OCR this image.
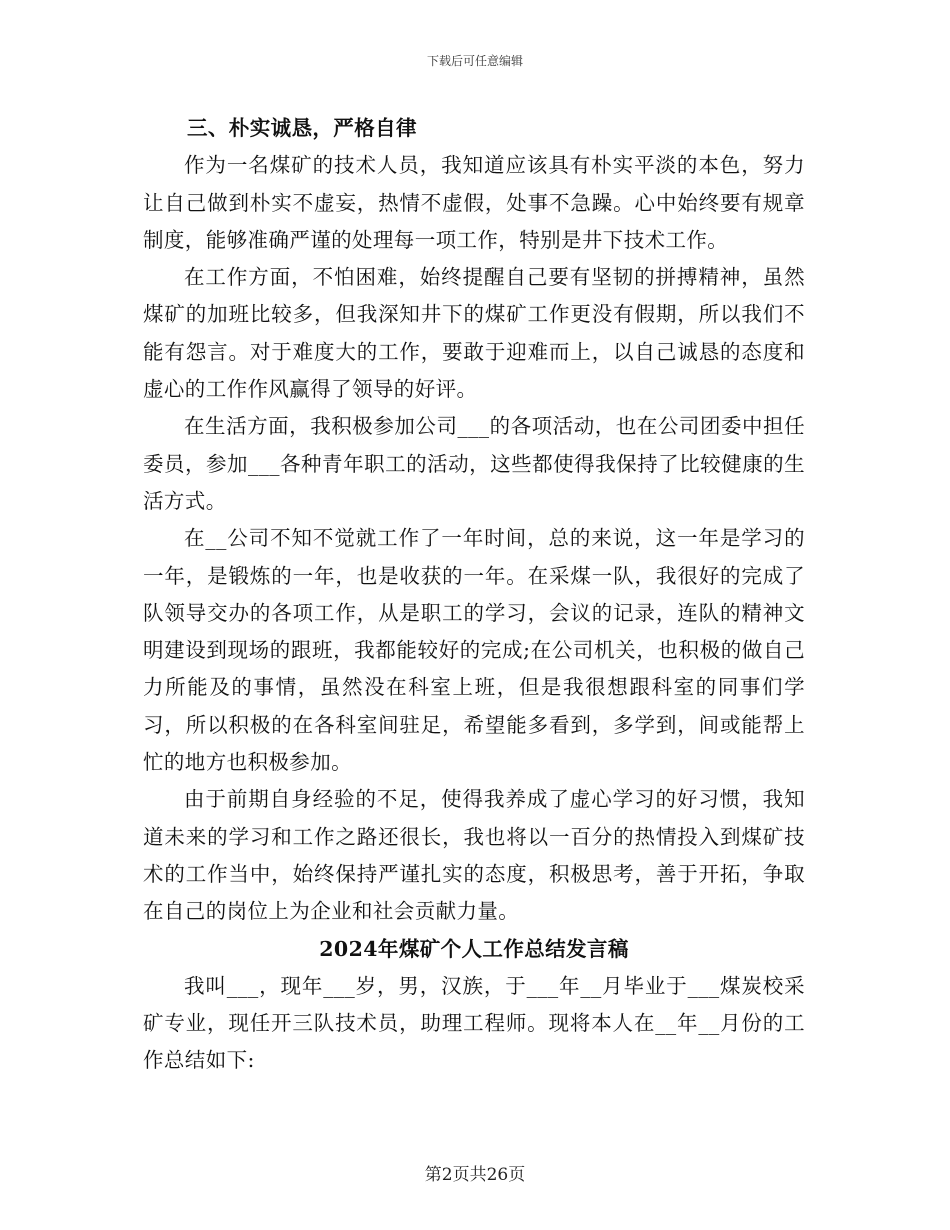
下载后可任意编辑
三、朴实诚恳，严格自律

作为一名煤矿的技术人员，我知道应该具有朴实平淡的本色，努力让自己做到朴实不虚妄，热情不虚假，处事不急躁。心中始终要有规章制度，能够准确严谨的处理每一项工作，特别是井下技术工作。

在工作方面，不怕困难，始终提醒自己要有坚韧的拼搏精神，虽然煤矿的加班比较多，但我深知井下的煤矿工作更没有假期，所以我们不能有怨言。对于难度大的工作，要敢于迎难而上，以自己诚恳的态度和虚心的工作作风赢得了领导的好评。

在生活方面，我积极参加公司___的各项活动，也在公司团委中担任委员，参加___各种青年职工的活动，这些都使得我保持了比较健康的生活方式。

在__公司不知不觉就工作了一年时间，总的来说，这一年是学习的一年，是锻炼的一年，也是收获的一年。在采煤一队，我很好的完成了队领导交办的各项工作，从是职工的学习，会议的记录，连队的精神文明建设到现场的跟班，我都能较好的完成;在公司机关，也积极的做自己力所能及的事情，虽然没在科室上班，但是我很想跟科室的同事们学习，所以积极的在各科室间驻足，希望能多看到，多学到，间或能帮上忙的地方也积极参加。

由于前期自身经验的不足，使得我养成了虚心学习的好习惯，我知道未来的学习和工作之路还很长，我也将以一百分的热情投入到煤矿技术的工作当中，始终保持严谨扎实的态度，积极思考，善于开拓，争取在自己的岗位上为企业和社会贡献力量。

2024年煤矿个人工作总结发言稿

我叫___，现年___岁，男，汉族，于___年__月毕业于___煤炭校采矿专业，现任开三队技术员，助理工程师。现将本人在__年__月份的工作总结如下:

第2页共26页
